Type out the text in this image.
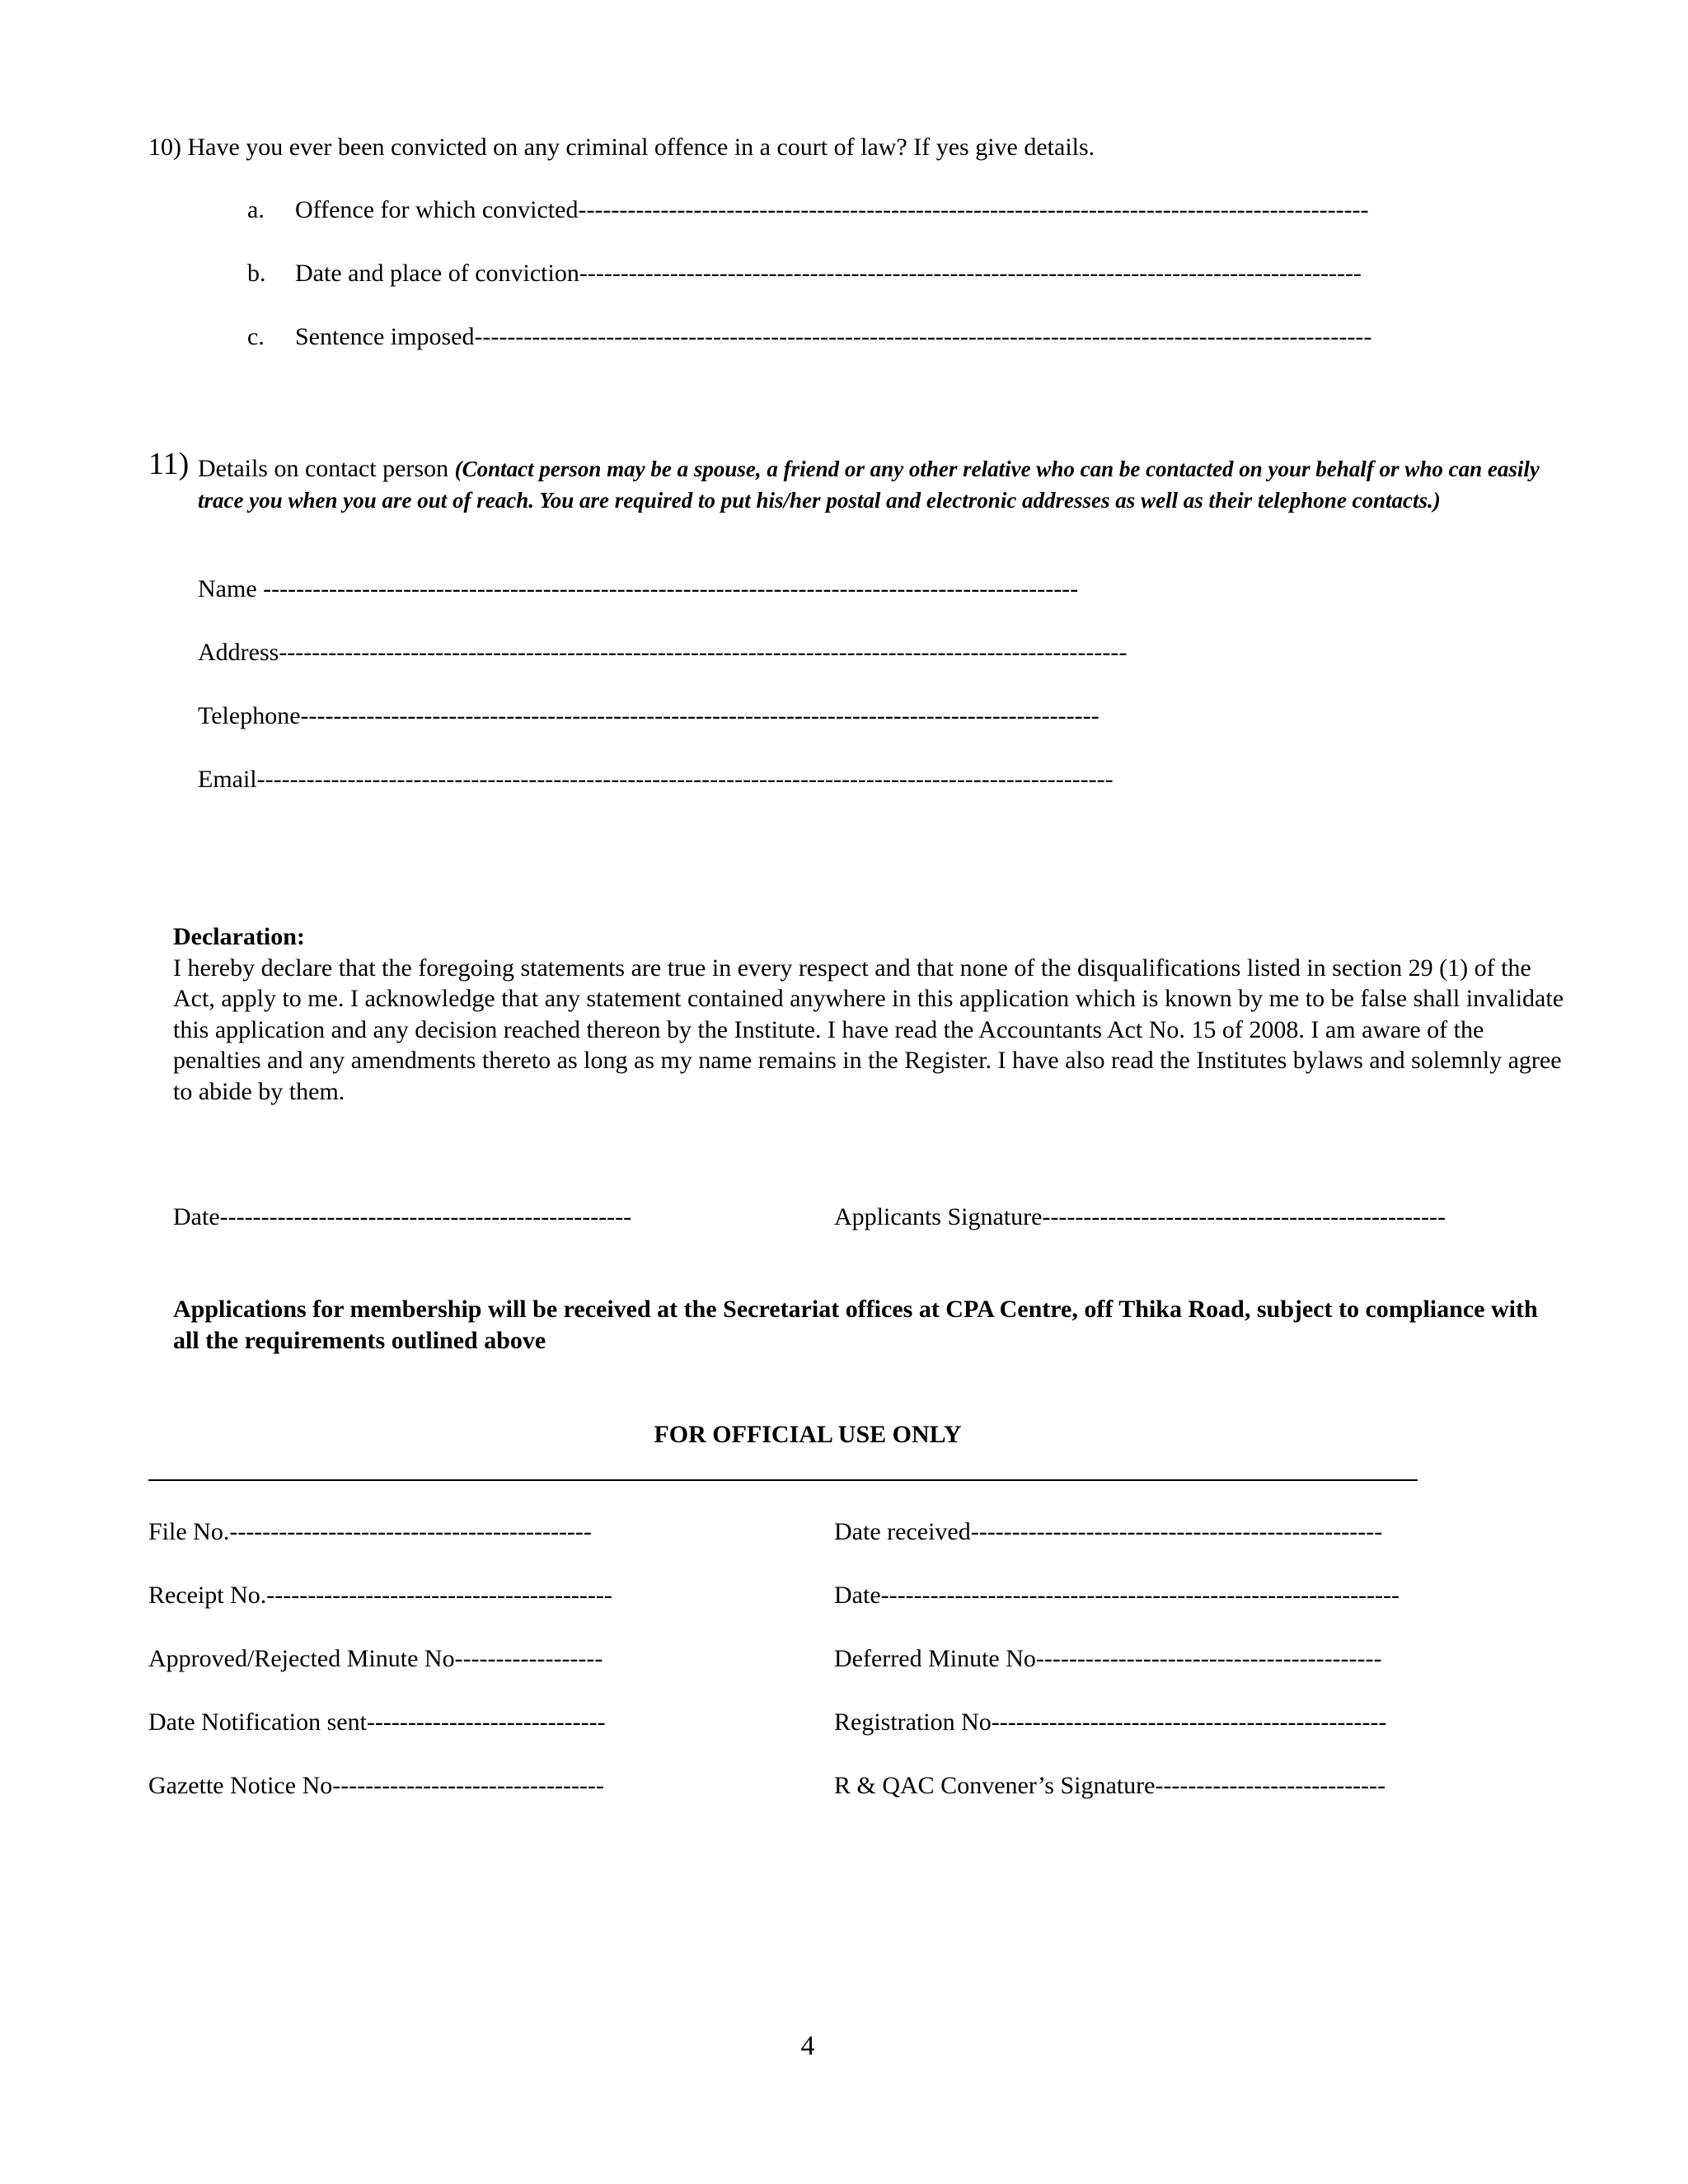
10) Have you ever been convicted on any criminal offence in a court of law? If yes give details.
a. Offence for which convicted------------------------------------------------------------------------------------------------
b. Date and place of conviction-----------------------------------------------------------------------------------------------
c. Sentence imposed-------------------------------------------------------------------------------------------------------------
11) Details on contact person (Contact person may be a spouse, a friend or any other relative who can be contacted on your behalf or who can easily trace you when you are out of reach. You are required to put his/her postal and electronic addresses as well as their telephone contacts.)
Name ---------------------------------------------------------------------------------------------------
Address-------------------------------------------------------------------------------------------------------
Telephone-------------------------------------------------------------------------------------------------
Email--------------------------------------------------------------------------------------------------------
Declaration:
I hereby declare that the foregoing statements are true in every respect and that none of the disqualifications listed in section 29 (1) of the Act, apply to me. I acknowledge that any statement contained anywhere in this application which is known by me to be false shall invalidate this application and any decision reached thereon by the Institute. I have read the Accountants Act No. 15 of 2008. I am aware of the penalties and any amendments thereto as long as my name remains in the Register. I have also read the Institutes bylaws and solemnly agree to abide by them.
Date--------------------------------------------------	Applicants Signature-------------------------------------------------
Applications for membership will be received at the Secretariat offices at CPA Centre, off Thika Road, subject to compliance with all the requirements outlined above
FOR OFFICIAL USE ONLY
File No.--------------------------------------------
Receipt No.------------------------------------------
Approved/Rejected Minute No------------------
Date Notification sent-----------------------------
Gazette Notice No---------------------------------
Date received--------------------------------------------------
Date---------------------------------------------------------------
Deferred Minute No------------------------------------------
Registration No------------------------------------------------
R & QAC Convener’s Signature----------------------------
4
